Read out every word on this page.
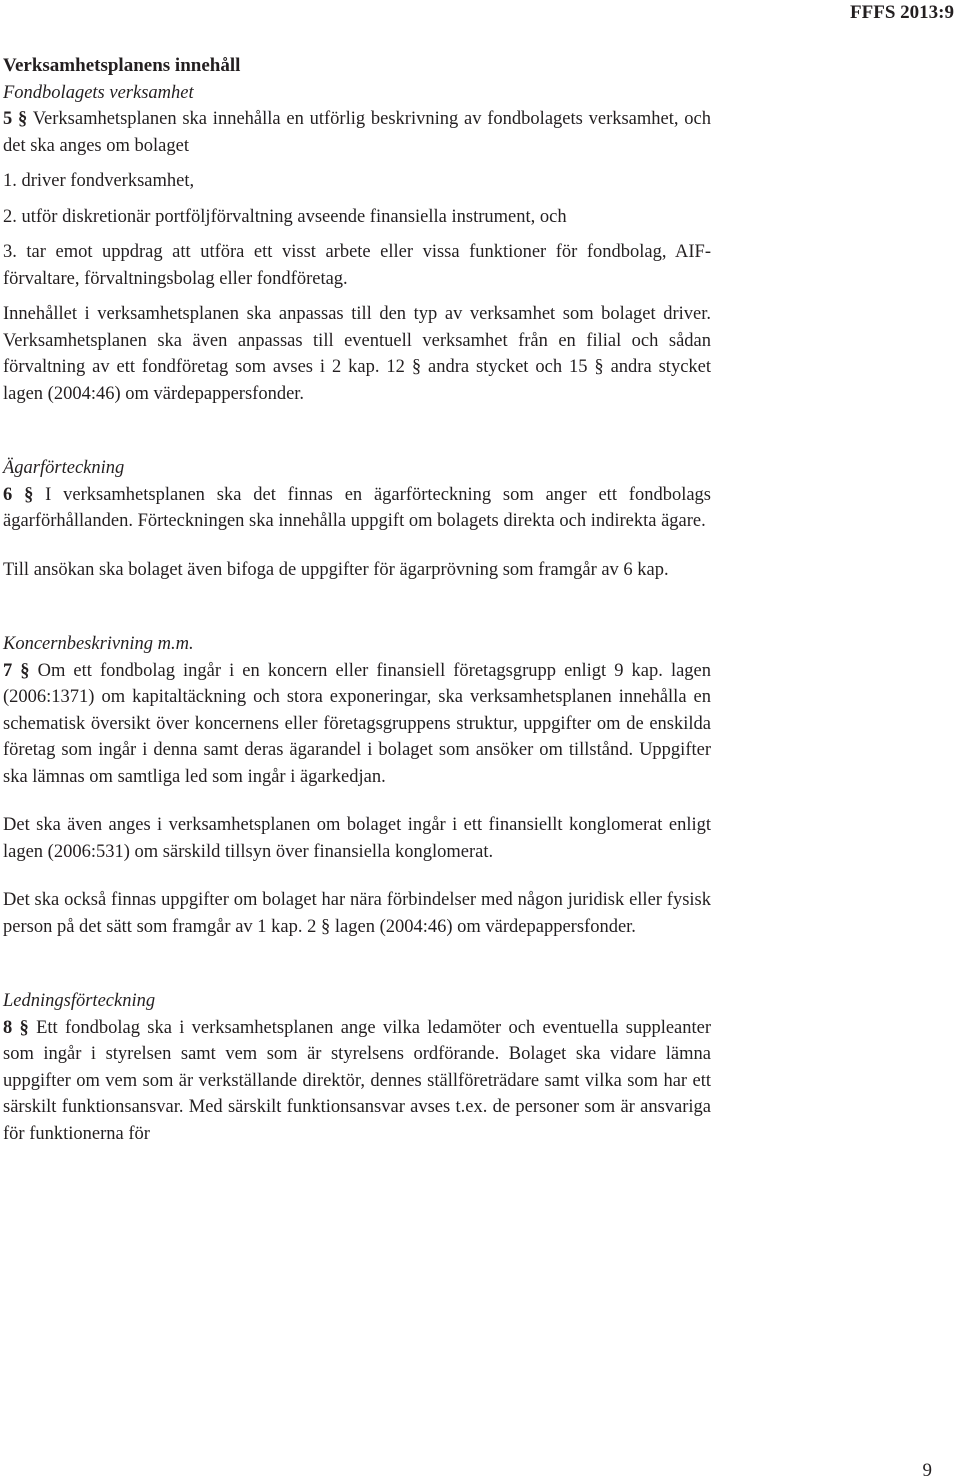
FFFS 2013:9

Verksamhetsplanens innehåll

Fondbolagets verksamhet

5 § Verksamhetsplanen ska innehålla en utförlig beskrivning av fondbolagets verksamhet, och det ska anges om bolaget

1. driver fondverksamhet,

2. utför diskretionär portföljförvaltning avseende finansiella instrument, och

3. tar emot uppdrag att utföra ett visst arbete eller vissa funktioner för fondbolag, AIF-förvaltare, förvaltningsbolag eller fondföretag.

Innehållet i verksamhetsplanen ska anpassas till den typ av verksamhet som bolaget driver. Verksamhetsplanen ska även anpassas till eventuell verksamhet från en filial och sådan förvaltning av ett fondföretag som avses i 2 kap. 12 § andra stycket och 15 § andra stycket lagen (2004:46) om värdepappersfonder.

Ägarförteckning

6 § I verksamhetsplanen ska det finnas en ägarförteckning som anger ett fondbolags ägarförhållanden. Förteckningen ska innehålla uppgift om bolagets direkta och indirekta ägare.

Till ansökan ska bolaget även bifoga de uppgifter för ägarprövning som framgår av 6 kap.

Koncernbeskrivning m.m.

7 § Om ett fondbolag ingår i en koncern eller finansiell företagsgrupp enligt 9 kap. lagen (2006:1371) om kapitaltäckning och stora exponeringar, ska verksamhetsplanen innehålla en schematisk översikt över koncernens eller företagsgruppens struktur, uppgifter om de enskilda företag som ingår i denna samt deras ägarandel i bolaget som ansöker om tillstånd. Uppgifter ska lämnas om samtliga led som ingår i ägarkedjan.

Det ska även anges i verksamhetsplanen om bolaget ingår i ett finansiellt konglomerat enligt lagen (2006:531) om särskild tillsyn över finansiella konglomerat.

Det ska också finnas uppgifter om bolaget har nära förbindelser med någon juridisk eller fysisk person på det sätt som framgår av 1 kap. 2 § lagen (2004:46) om värdepappersfonder.

Ledningsförteckning

8 § Ett fondbolag ska i verksamhetsplanen ange vilka ledamöter och eventuella suppleanter som ingår i styrelsen samt vem som är styrelsens ordförande. Bolaget ska vidare lämna uppgifter om vem som är verkställande direktör, dennes ställföreträdare samt vilka som har ett särskilt funktionsansvar. Med särskilt funktionsansvar avses t.ex. de personer som är ansvariga för funktionerna för

9
